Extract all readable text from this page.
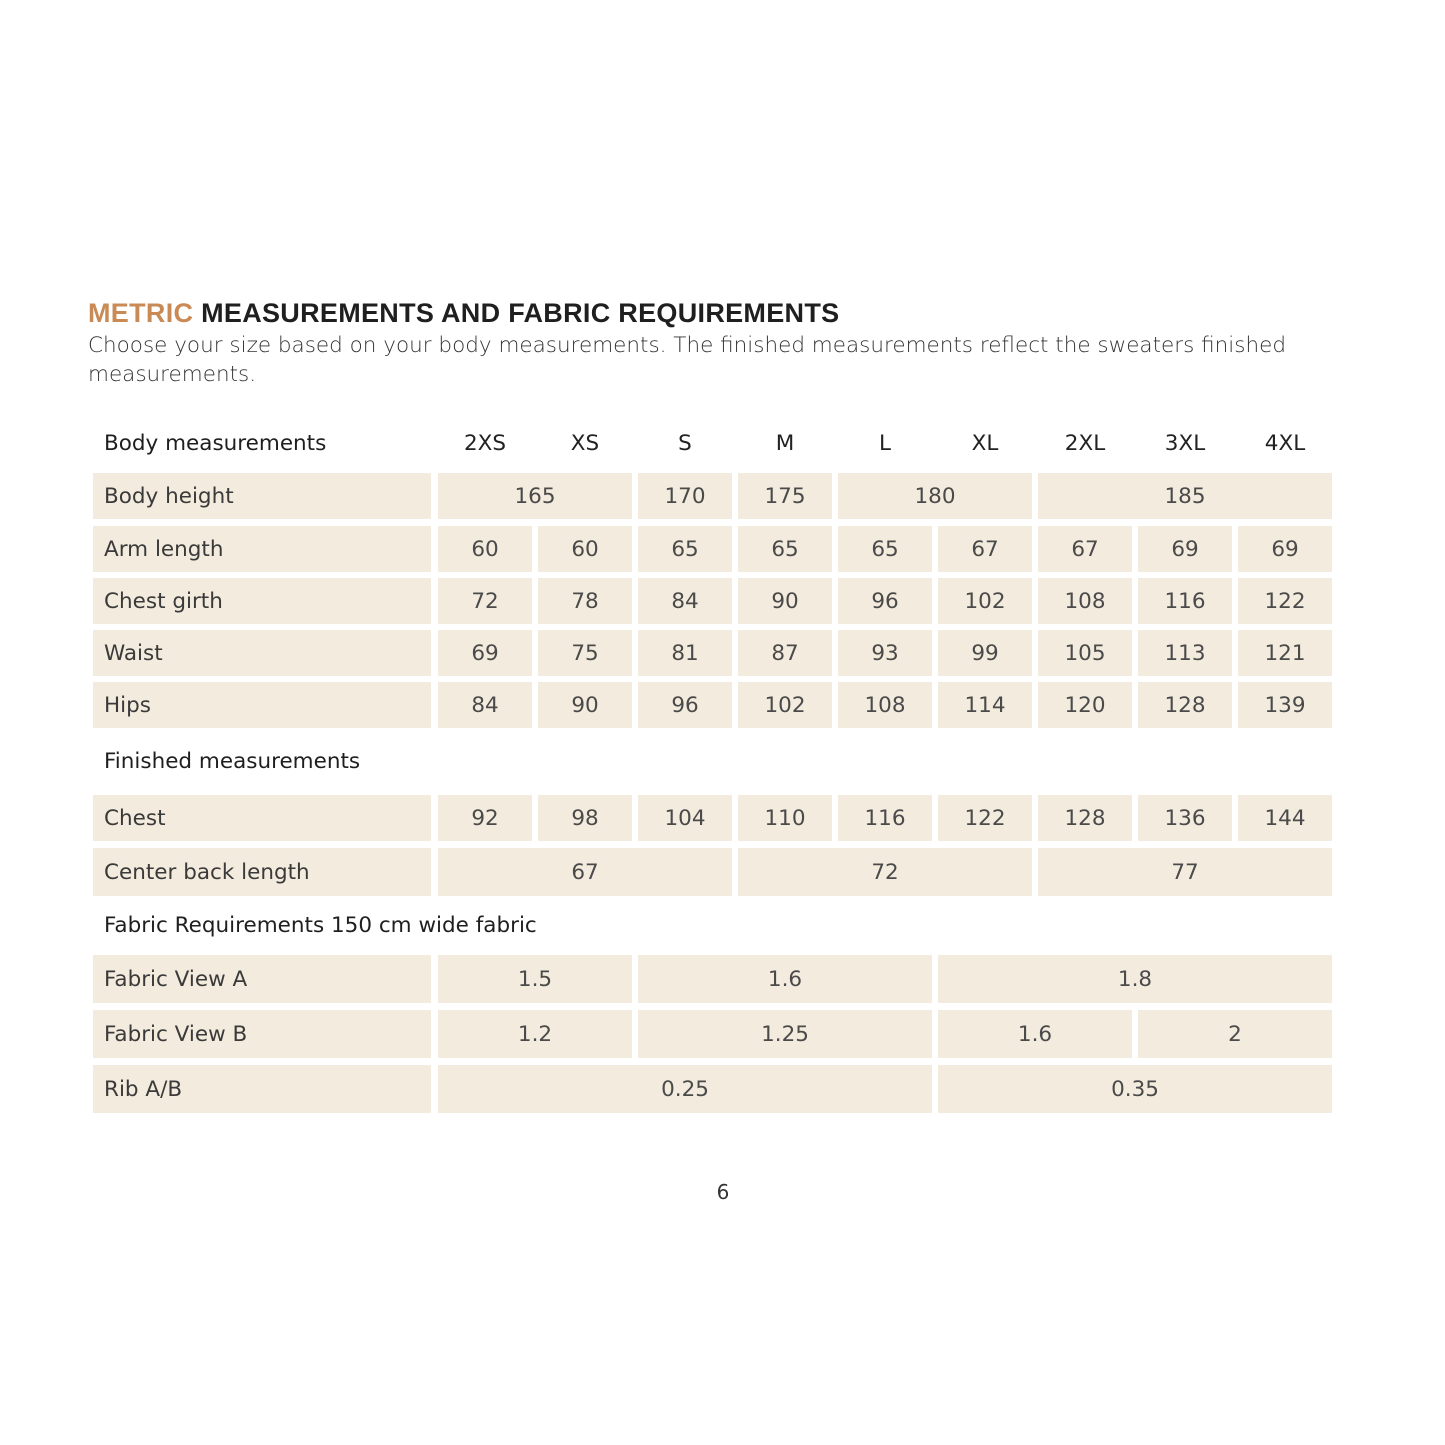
METRIC MEASUREMENTS AND FABRIC REQUIREMENTS
Choose your size based on your body measurements. The finished measurements reflect the sweaters finished measurements.
Body measurements	2XS	XS	S	M	L	XL	2XL	3XL	4XL
Body height	165	170	175	180	185
Arm length	60	60	65	65	65	67	67	69	69
Chest girth	72	78	84	90	96	102	108	116	122
Waist	69	75	81	87	93	99	105	113	121
Hips	84	90	96	102	108	114	120	128	139
Finished measurements
Chest	92	98	104	110	116	122	128	136	144
Center back length	67	72	77
Fabric Requirements 150 cm wide fabric
Fabric View A	1.5	1.6	1.8
Fabric View B	1.2	1.25	1.6	2
Rib A/B	0.25	0.35
6
